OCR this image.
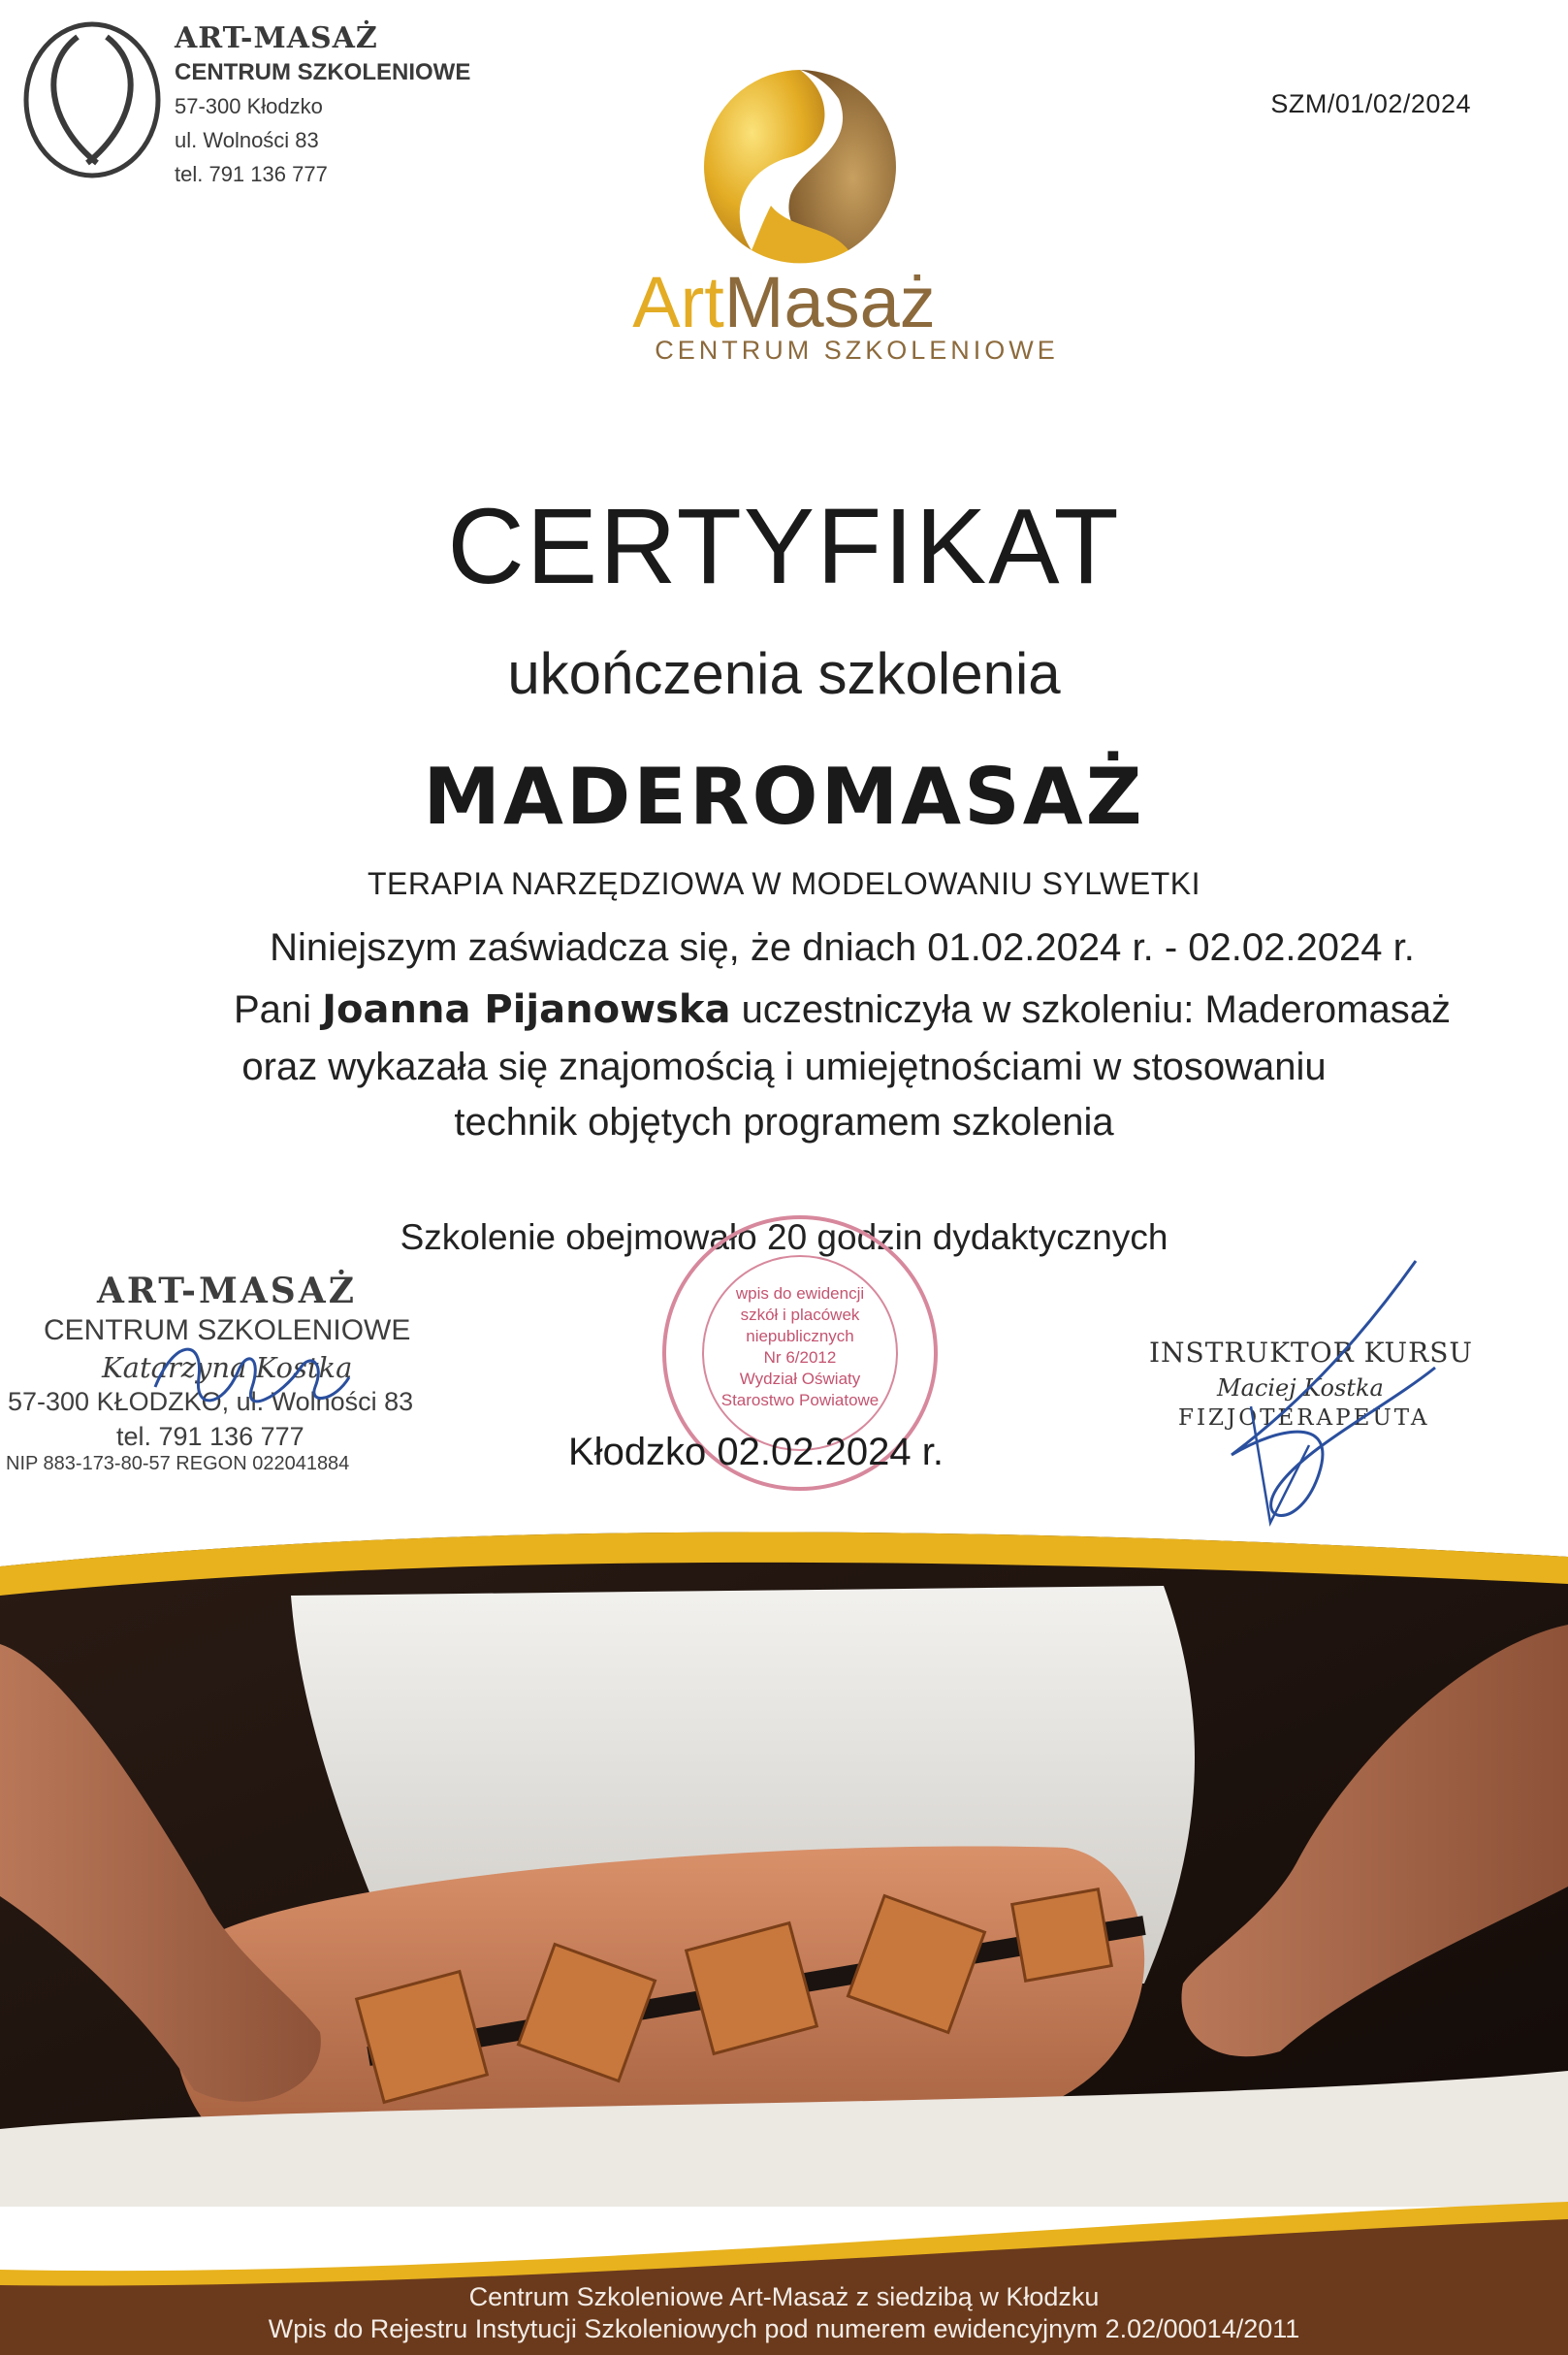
ART-MASAŻ
CENTRUM SZKOLENIOWE
57-300 Kłodzko
ul. Wolności 83
tel. 791 136 777
SZM/01/02/2024
ArtMasaż
CENTRUM SZKOLENIOWE
CERTYFIKAT
ukończenia szkolenia
MADEROMASAŻ
TERAPIA NARZĘDZIOWA W MODELOWANIU SYLWETKI
Niniejszym zaświadcza się, że dniach 01.02.2024 r. - 02.02.2024 r.
Pani Joanna Pijanowska uczestniczyła w szkoleniu: Maderomasaż
oraz wykazała się znajomością i umiejętnościami w stosowaniu
technik objętych programem szkolenia
Szkolenie obejmowało 20 godzin dydaktycznych
ART-MASAŻ
CENTRUM SZKOLENIOWE
Katarzyna Kostka
57-300 KŁODZKO, ul. Wolności 83
tel. 791 136 777
NIP 883-173-80-57 REGON 022041884
wpis do ewidencji
szkół i placówek
niepublicznych
Nr 6/2012
Wydział Oświaty
Starostwo Powiatowe
Kłodzko 02.02.2024 r.
INSTRUKTOR KURSU
Maciej Kostka
FIZJOTERAPEUTA
Centrum Szkoleniowe Art-Masaż z siedzibą w Kłodzku
Wpis do Rejestru Instytucji Szkoleniowych pod numerem ewidencyjnym 2.02/00014/2011
